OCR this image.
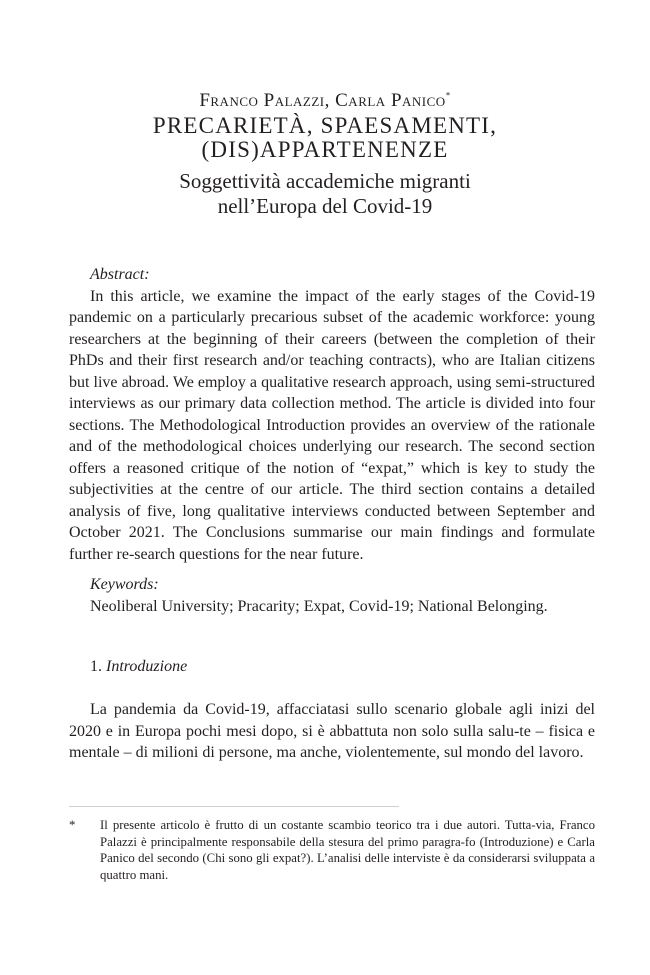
Franco Palazzi, Carla Panico*
PRECARIETÀ, SPAESAMENTI,
(DIS)APPARTENENZE
Soggettività accademiche migranti
nell’Europa del Covid-19
Abstract:
In this article, we examine the impact of the early stages of the Covid-19 pandemic on a particularly precarious subset of the academic workforce: young researchers at the beginning of their careers (between the completion of their PhDs and their first research and/or teaching contracts), who are Italian citizens but live abroad. We employ a qualitative research approach, using semi-structured interviews as our primary data collection method. The article is divided into four sections. The Methodological Introduction provides an overview of the rationale and of the methodological choices underlying our research. The second section offers a reasoned critique of the notion of “expat,” which is key to study the subjectivities at the centre of our article. The third section contains a detailed analysis of five, long qualitative interviews conducted between September and October 2021. The Conclusions summarise our main findings and formulate further re-search questions for the near future.
Keywords:
Neoliberal University; Pracarity; Expat, Covid-19; National Belonging.
1. Introduzione
La pandemia da Covid-19, affacciatasi sullo scenario globale agli inizi del 2020 e in Europa pochi mesi dopo, si è abbattuta non solo sulla salu-te – fisica e mentale – di milioni di persone, ma anche, violentemente, sul mondo del lavoro.
* Il presente articolo è frutto di un costante scambio teorico tra i due autori. Tutta-via, Franco Palazzi è principalmente responsabile della stesura del primo paragra-fo (Introduzione) e Carla Panico del secondo (Chi sono gli expat?). L’analisi delle interviste è da considerarsi sviluppata a quattro mani.
